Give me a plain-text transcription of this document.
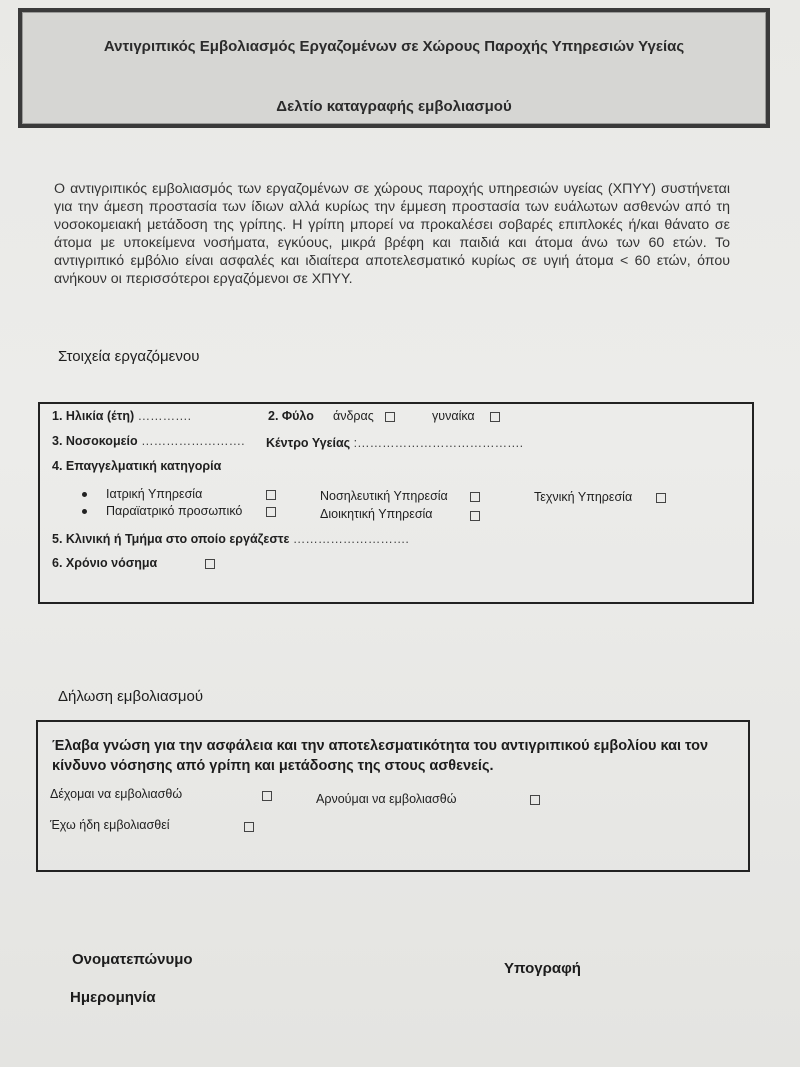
Αντιγριπικός Εμβολιασμός Εργαζομένων σε Χώρους Παροχής Υπηρεσιών Υγείας
Δελτίο καταγραφής εμβολιασμού
Ο αντιγριπικός εμβολιασμός των εργαζομένων σε χώρους παροχής υπηρεσιών υγείας (ΧΠΥΥ) συστήνεται για την άμεση προστασία των ίδιων αλλά κυρίως την έμμεση προστασία των ευάλωτων ασθενών από τη νοσοκομειακή μετάδοση της γρίπης. Η γρίπη μπορεί να προκαλέσει σοβαρές επιπλοκές ή/και θάνατο σε άτομα με υποκείμενα νοσήματα, εγκύους, μικρά βρέφη και παιδιά και άτομα άνω των 60 ετών. Το αντιγριπικό εμβόλιο είναι ασφαλές και ιδιαίτερα αποτελεσματικό κυρίως σε υγιή άτομα < 60 ετών, όπου ανήκουν οι περισσότεροι εργαζόμενοι σε ΧΠΥΥ.
Στοιχεία εργαζόμενου
1. Ηλικία (έτη) ………….	2. Φύλο άνδρας	γυναίκα
3. Νοσοκομείο ……………………. Κέντρο Υγείας :………………………………….
4. Επαγγελματική κατηγορία
Ιατρική Υπηρεσία
Παραϊατρικό προσωπικό
Νοσηλευτική Υπηρεσία
Διοικητική Υπηρεσία
Τεχνική Υπηρεσία
5. Κλινική ή Τμήμα στο οποίο εργάζεστε ……………………….
6. Χρόνιο νόσημα
Δήλωση εμβολιασμού
Έλαβα γνώση για την ασφάλεια και την αποτελεσματικότητα του αντιγριπικού εμβολίου και τον κίνδυνο νόσησης από γρίπη και μετάδοσης της στους ασθενείς.
Δέχομαι να εμβολιασθώ	Αρνούμαι να εμβολιασθώ
Έχω ήδη εμβολιασθεί
Ονοματεπώνυμο
Υπογραφή
Ημερομηνία
